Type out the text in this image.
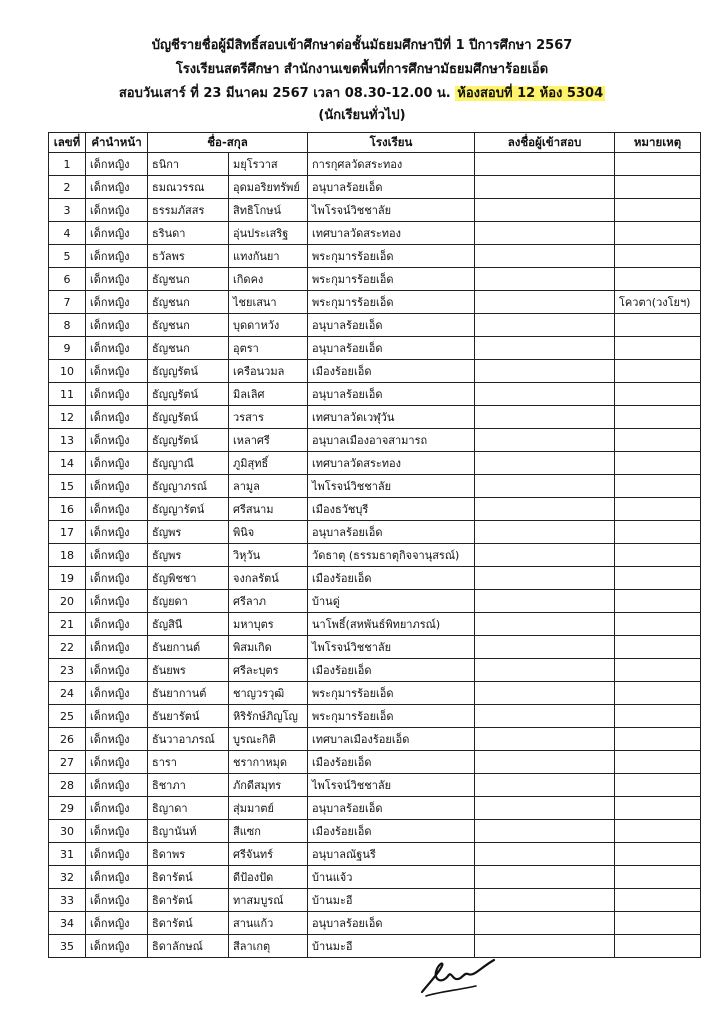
บัญชีรายชื่อผู้มีสิทธิ์สอบเข้าศึกษาต่อชั้นมัธยมศึกษาปีที่ 1 ปีการศึกษา 2567
โรงเรียนสตรีศึกษา สำนักงานเขตพื้นที่การศึกษามัธยมศึกษาร้อยเอ็ด
สอบวันเสาร์ ที่ 23 มีนาคม 2567 เวลา 08.30-12.00 น. ห้องสอบที่ 12 ห้อง 5304
(นักเรียนทั่วไป)
เลขที่	คำนำหน้า	ชื่อ-สกุล		โรงเรียน	ลงชื่อผู้เข้าสอบ	หมายเหตุ
1	เด็กหญิง	ธนิกา	มยุโรวาส	การกุศลวัดสระทอง		
2	เด็กหญิง	ธมณวรรณ	อุดมอริยทรัพย์	อนุบาลร้อยเอ็ด		
3	เด็กหญิง	ธรรมภัสสร	สิทธิโกษน์	ไพโรจน์วิชชาลัย		
4	เด็กหญิง	ธรินดา	อุ่นประเสริฐ	เทศบาลวัดสระทอง		
5	เด็กหญิง	ธวัลพร	แทงกันยา	พระกุมารร้อยเอ็ด		
6	เด็กหญิง	ธัญชนก	เกิดคง	พระกุมารร้อยเอ็ด		
7	เด็กหญิง	ธัญชนก	ไชยเสนา	พระกุมารร้อยเอ็ด		โควตา(วงโยฯ)
8	เด็กหญิง	ธัญชนก	บุดดาหวัง	อนุบาลร้อยเอ็ด		
9	เด็กหญิง	ธัญชนก	อุตรา	อนุบาลร้อยเอ็ด		
10	เด็กหญิง	ธัญญรัตน์	เครือนวมล	เมืองร้อยเอ็ด		
11	เด็กหญิง	ธัญญรัตน์	มิลเลิศ	อนุบาลร้อยเอ็ด		
12	เด็กหญิง	ธัญญรัตน์	วรสาร	เทศบาลวัดเวฬุวัน		
13	เด็กหญิง	ธัญญรัตน์	เหลาศรี	อนุบาลเมืองอาจสามารถ		
14	เด็กหญิง	ธัญญาณี	ภูมิสุทธิ์	เทศบาลวัดสระทอง		
15	เด็กหญิง	ธัญญาภรณ์	ลามูล	ไพโรจน์วิชชาลัย		
16	เด็กหญิง	ธัญญารัตน์	ศรีสนาม	เมืองธวัชบุรี		
17	เด็กหญิง	ธัญพร	พินิจ	อนุบาลร้อยเอ็ด		
18	เด็กหญิง	ธัญพร	วิหุวัน	วัดธาตุ (ธรรมธาตุกิจจานุสรณ์)		
19	เด็กหญิง	ธัญพิชชา	จงกลรัตน์	เมืองร้อยเอ็ด		
20	เด็กหญิง	ธัญยดา	ศรีลาภ	บ้านดู่		
21	เด็กหญิง	ธัญสินี	มหาบุตร	นาโพธิ์(สหพันธ์พิทยาภรณ์)		
22	เด็กหญิง	ธันยกานต์	พิสมเกิด	ไพโรจน์วิชชาลัย		
23	เด็กหญิง	ธันยพร	ศรีละบุตร	เมืองร้อยเอ็ด		
24	เด็กหญิง	ธันยากานต์	ชาญวรวุฒิ	พระกุมารร้อยเอ็ด		
25	เด็กหญิง	ธันยารัตน์	หิริรักษ์ภิญโญ	พระกุมารร้อยเอ็ด		
26	เด็กหญิง	ธันวาอาภรณ์	บูรณะกิติ	เทศบาลเมืองร้อยเอ็ด		
27	เด็กหญิง	ธารา	ชรากาหมุด	เมืองร้อยเอ็ด		
28	เด็กหญิง	ธิชาภา	ภักดีสมุทร	ไพโรจน์วิชชาลัย		
29	เด็กหญิง	ธิญาดา	สุ่มมาตย์	อนุบาลร้อยเอ็ด		
30	เด็กหญิง	ธิญานันท์	สีแซก	เมืองร้อยเอ็ด		
31	เด็กหญิง	ธิดาพร	ศรีจันทร์	อนุบาลณัฐนรี		
32	เด็กหญิง	ธิดารัตน์	ดีป้องปัด	บ้านแจ้ว		
33	เด็กหญิง	ธิดารัตน์	ทาสมบูรณ์	บ้านมะอี		
34	เด็กหญิง	ธิดารัตน์	สานแก้ว	อนุบาลร้อยเอ็ด		
35	เด็กหญิง	ธิดาลักษณ์	สีลาเกตุ	บ้านมะอี		
